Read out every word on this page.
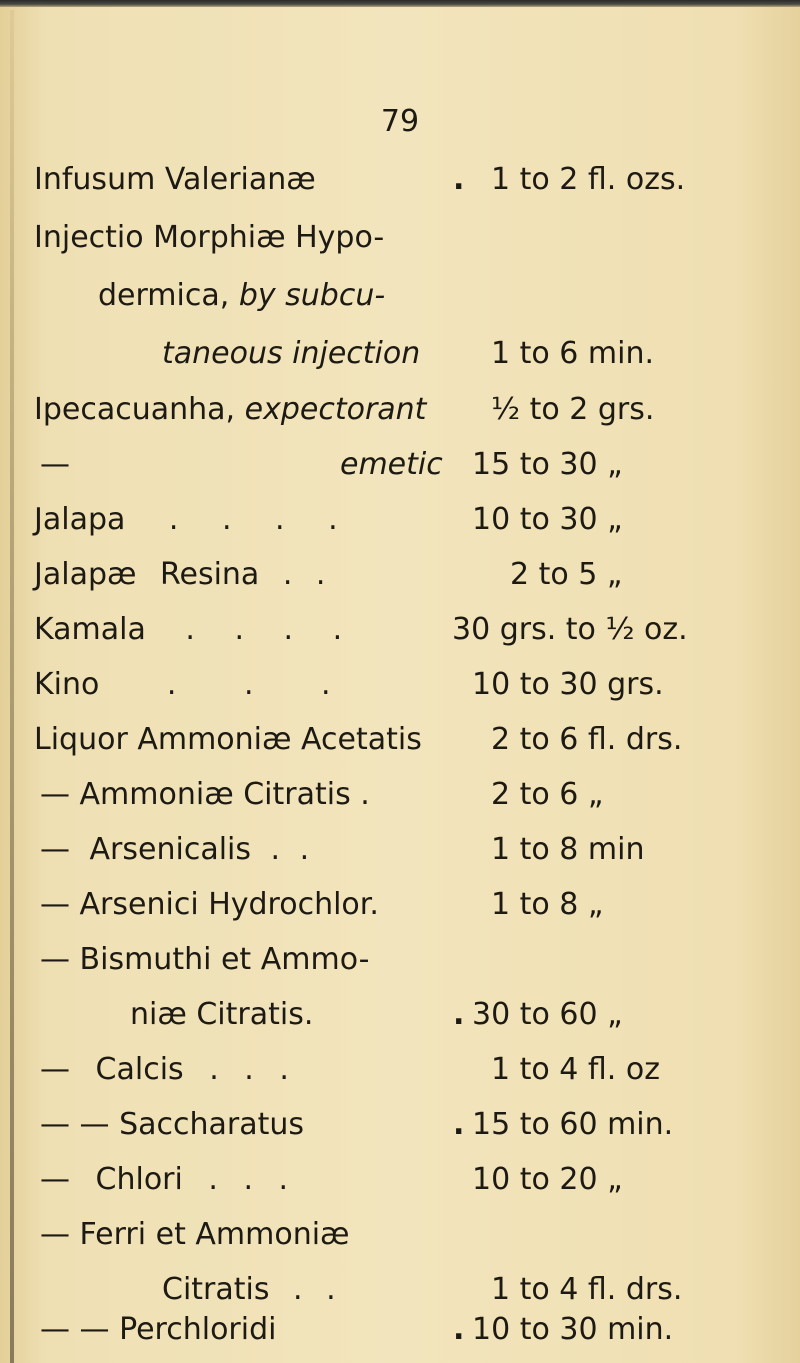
79
Infusum Valerianæ	. 1 to 2 fl. ozs.
Injectio Morphiæ Hypo-
dermica, by subcu-
taneous injection 1 to 6 min.
Ipecacuanha, expectorant ½ to 2 grs.
—	emetic 15 to 30 „
Jalapa . . . .	10 to 30 „
Jalapæ Resina . .	2 to 5 „
Kamala . . . .	30 grs. to ½ oz.
Kino . . .	10 to 30 grs.
Liquor Ammoniæ Acetatis 2 to 6 fl. drs.
— Ammoniæ Citratis .	2 to 6 „
— Arsenicalis . .	1 to 8 min
— Arsenici Hydrochlor.	1 to 8 „
— Bismuthi et Ammo-
niæ Citratis.	. 30 to 60 „
— Calcis . . .	1 to 4 fl. oz
— — Saccharatus	. 15 to 60 min.
— Chlori . . .	10 to 20 „
— Ferri et Ammoniæ
Citratis . .	1 to 4 fl. drs.
— — Perchloridi	. 10 to 30 min.
